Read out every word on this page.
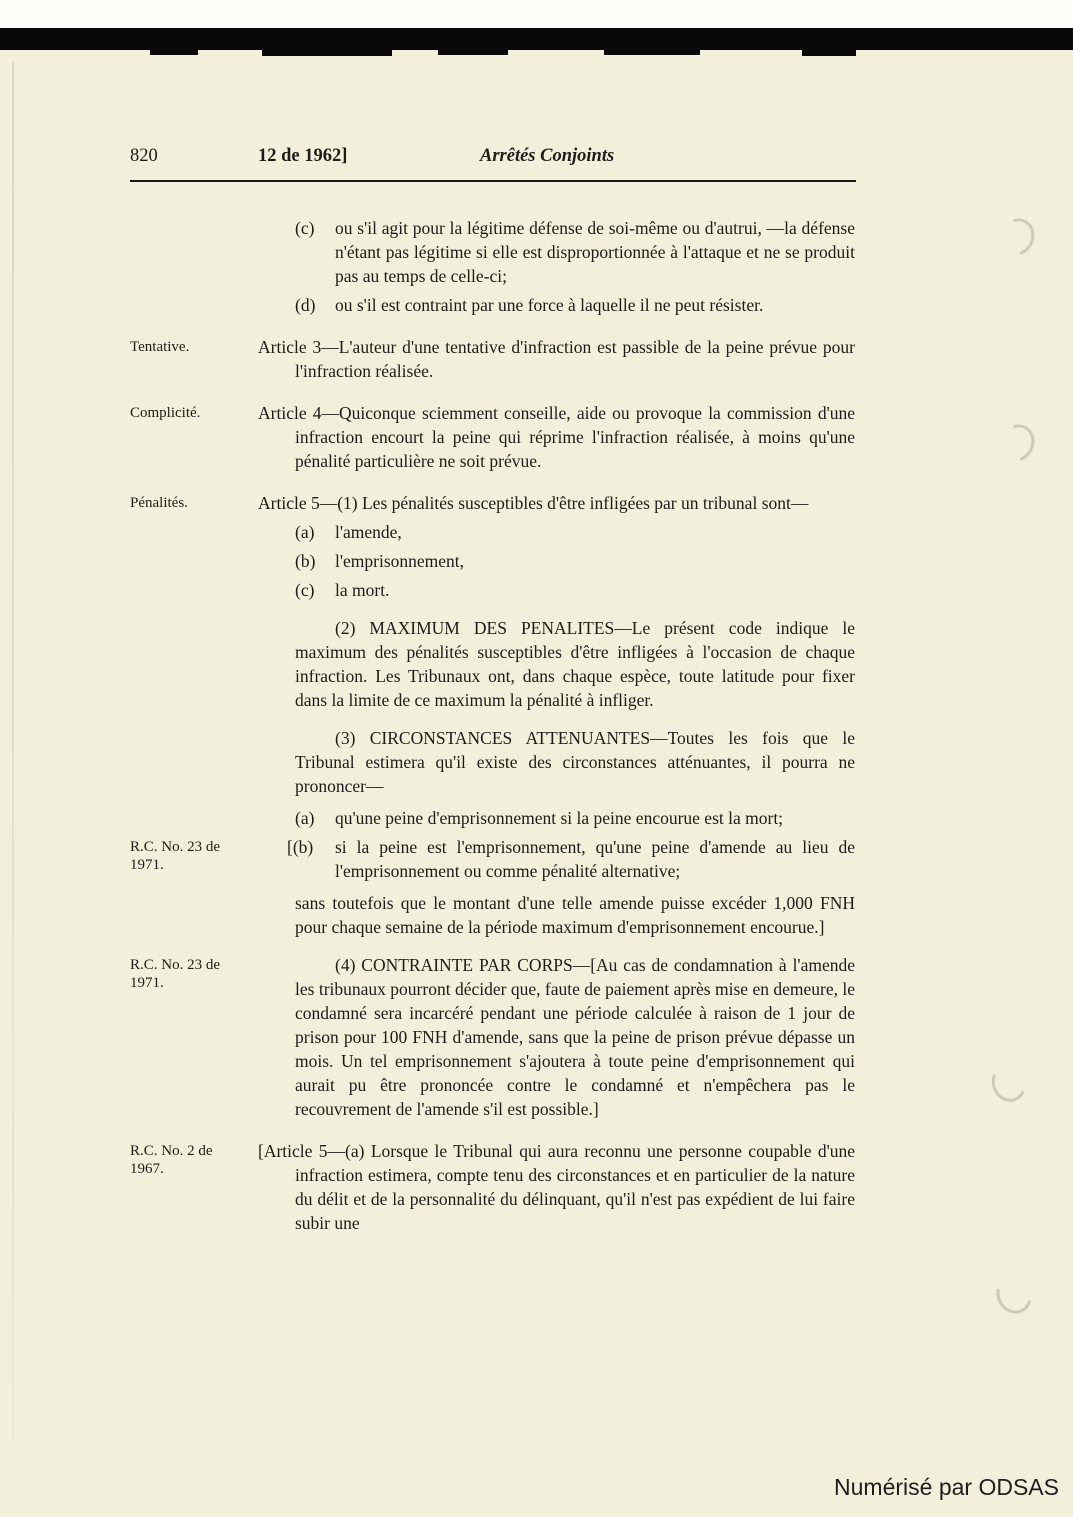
820	12 de 1962]	Arrêtés Conjoints
(c)	ou s'il agit pour la légitime défense de soi-même ou d'autrui, —la défense n'étant pas légitime si elle est disproportionnée à l'attaque et ne se produit pas au temps de celle-ci;
(d)	ou s'il est contraint par une force à laquelle il ne peut résister.
Tentative.	Article 3—L'auteur d'une tentative d'infraction est passible de la peine prévue pour l'infraction réalisée.

Complicité.	Article 4—Quiconque sciemment conseille, aide ou provoque la commission d'une infraction encourt la peine qui réprime l'infraction réalisée, à moins qu'une pénalité particulière ne soit prévue.

Pénalités.	Article 5—(1) Les pénalités susceptibles d'être infligées par un tribunal sont—

(a)	l'amende,
(b)	l'emprisonnement,
(c)	la mort.

(2) MAXIMUM DES PENALITES—Le présent code indique le maximum des pénalités susceptibles d'être infligées à l'occasion de chaque infraction. Les Tribunaux ont, dans chaque espèce, toute latitude pour fixer dans la limite de ce maximum la pénalité à infliger.

(3) CIRCONSTANCES ATTENUANTES—Toutes les fois que le Tribunal estimera qu'il existe des circonstances atténuantes, il pourra ne prononcer—

(a)	qu'une peine d'emprisonnement si la peine encourue est la mort;
R.C. No. 23 de 1971.
[(b)	si la peine est l'emprisonnement, qu'une peine d'amende au lieu de l'emprisonnement ou comme pénalité alternative;

sans toutefois que le montant d'une telle amende puisse excéder 1,000 FNH pour chaque semaine de la période maximum d'emprisonnement encourue.]

R.C. No. 23 de 1971.

(4) CONTRAINTE PAR CORPS—[Au cas de condamnation à l'amende les tribunaux pourront décider que, faute de paiement après mise en demeure, le condamné sera incarcéré pendant une période calculée à raison de 1 jour de prison pour 100 FNH d'amende, sans que la peine de prison prévue dépasse un mois. Un tel emprisonnement s'ajoutera à toute peine d'emprisonnement qui aurait pu être prononcée contre le condamné et n'empêchera pas le recouvrement de l'amende s'il est possible.]

R.C. No. 2 de 1967.

[Article 5—(a) Lorsque le Tribunal qui aura reconnu une personne coupable d'une infraction estimera, compte tenu des circonstances et en particulier de la nature du délit et de la personnalité du délinquant, qu'il n'est pas expédient de lui faire subir une

Numérisé par ODSAS
